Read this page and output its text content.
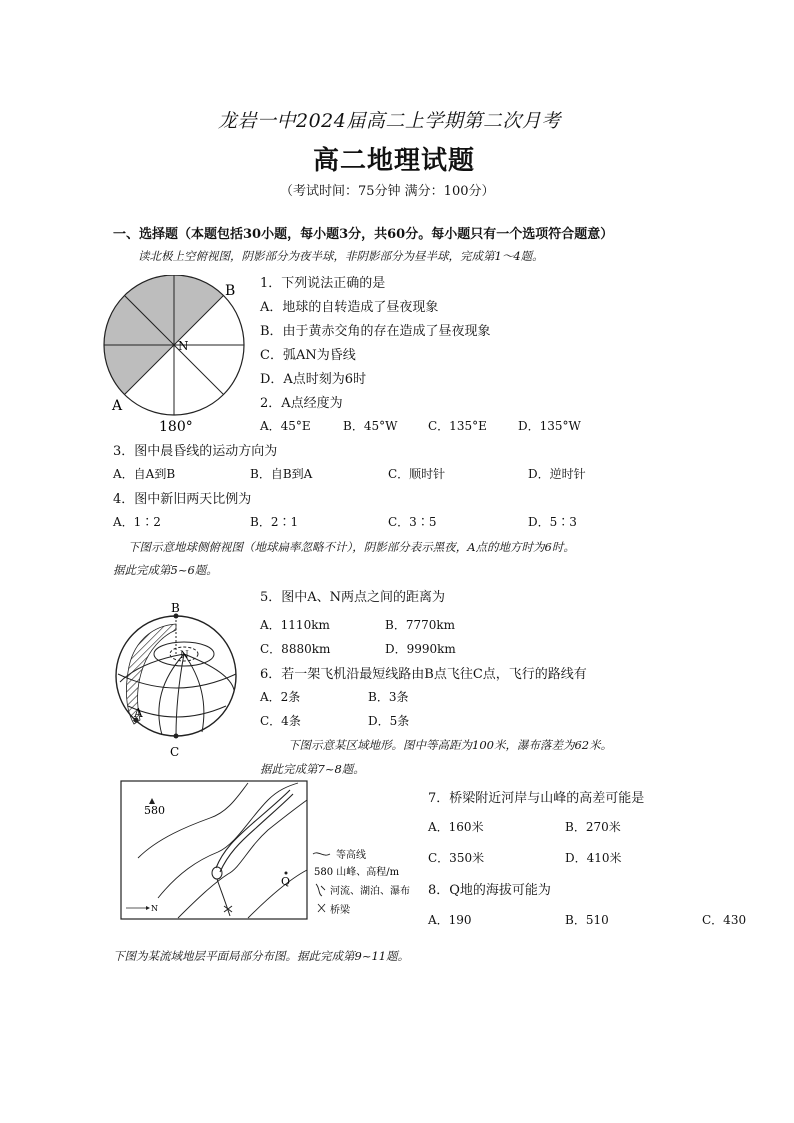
龙岩一中2024届高二上学期第二次月考
高二地理试题
（考试时间：75分钟 满分：100分）
一、选择题（本题包括30小题，每小题3分，共60分。每小题只有一个选项符合题意）
读北极上空俯视图，阴影部分为夜半球，非阴影部分为昼半球，完成第1～4题。
B
N
A
180°
1．下列说法正确的是
A．地球的自转造成了昼夜现象
B．由于黄赤交角的存在造成了昼夜现象
C．弧AN为昏线
D．A点时刻为6时
2．A点经度为
A．45°E	B．45°W	C．135°E	D．135°W
3．图中晨昏线的运动方向为
A．自A到B	B．自B到A	C．顺时针	D．逆时针
4．图中新旧两天比例为
A．1∶2	B．2∶1	C．3∶5	D．5∶3
下图示意地球侧俯视图（地球扁率忽略不计），阴影部分表示黑夜，A点的地方时为6时。
据此完成第5~6题。
B
N
A
C
5．图中A、N两点之间的距离为
A．1110km	B．7770km
C．8880km	D．9990km
6．若一架飞机沿最短线路由B点飞往C点，飞行的路线有
A．2条	B．3条
C．4条	D．5条
下图示意某区域地形。图中等高距为100米，瀑布落差为62米。
据此完成第7~8题。
580
Q
N
等高线
580 山峰、高程/m
河流、湖泊、瀑布
桥梁
7．桥梁附近河岸与山峰的高差可能是
A．160米	B．270米
C．350米	D．410米
8．Q地的海拔可能为
A．190	B．510	C．430
下图为某流域地层平面局部分布图。据此完成第9~11题。
